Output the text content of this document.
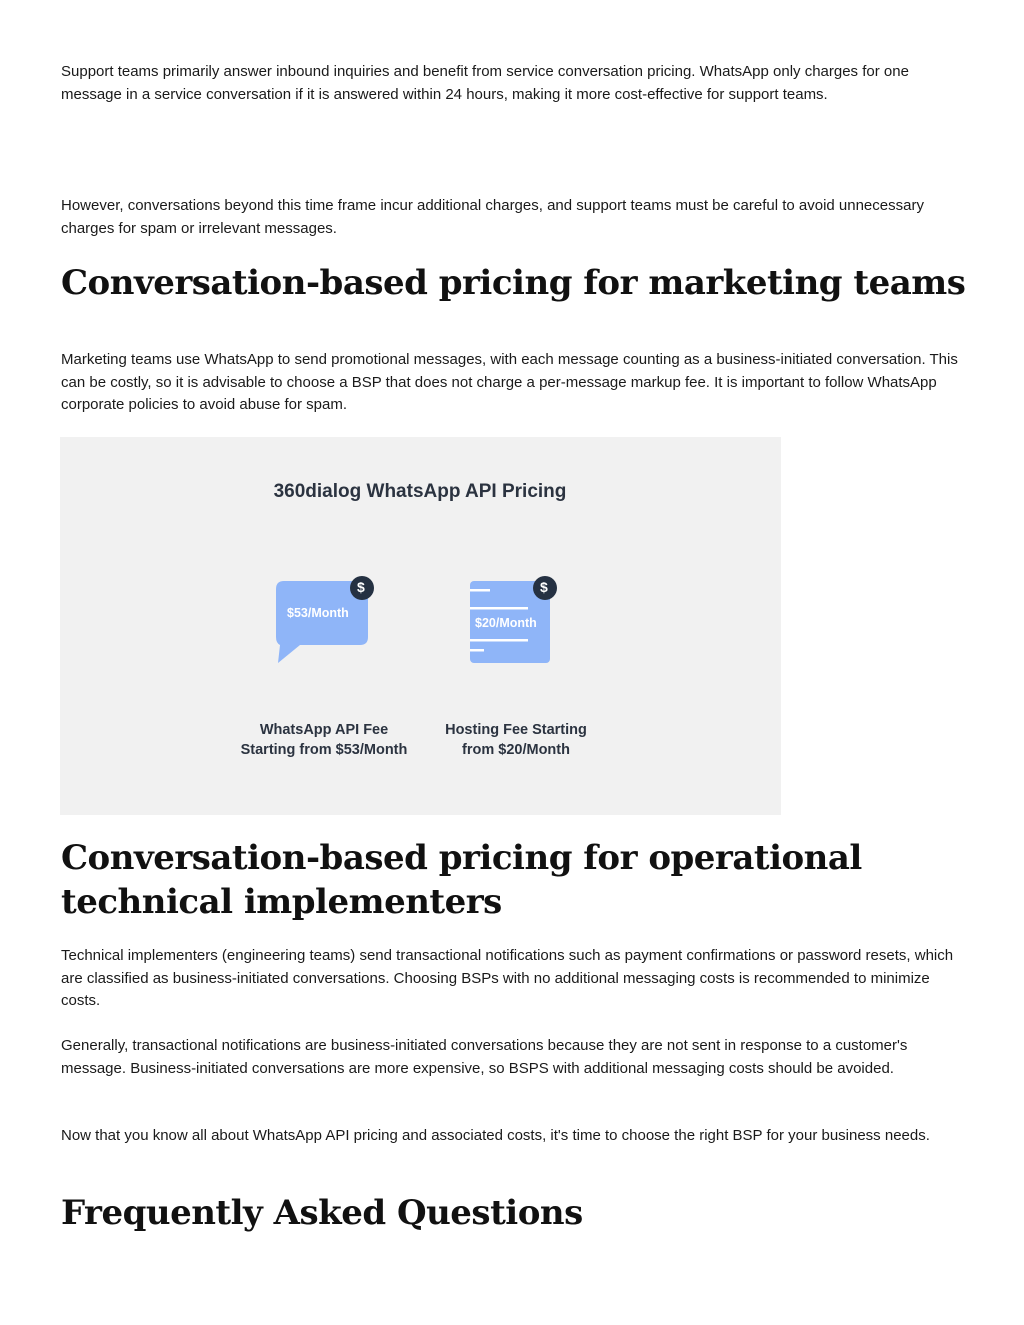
Support teams primarily answer inbound inquiries and benefit from service conversation pricing. WhatsApp only charges for one message in a service conversation if it is answered within 24 hours, making it more cost-effective for support teams.

However, conversations beyond this time frame incur additional charges, and support teams must be careful to avoid unnecessary charges for spam or irrelevant messages.

Conversation-based pricing for marketing teams

Marketing teams use WhatsApp to send promotional messages, with each message counting as a business-initiated conversation. This can be costly, so it is advisable to choose a BSP that does not charge a per-message markup fee. It is important to follow WhatsApp corporate policies to avoid abuse for spam.

360dialog WhatsApp API Pricing
$53/Month
$
$20/Month
$
WhatsApp API Fee
Starting from $53/Month
Hosting Fee Starting
from $20/Month
Conversation-based pricing for operational technical implementers

Technical implementers (engineering teams) send transactional notifications such as payment confirmations or password resets, which are classified as business-initiated conversations. Choosing BSPs with no additional messaging costs is recommended to minimize costs.

Generally, transactional notifications are business-initiated conversations because they are not sent in response to a customer's message. Business-initiated conversations are more expensive, so BSPS with additional messaging costs should be avoided.

Now that you know all about WhatsApp API pricing and associated costs, it's time to choose the right BSP for your business needs.

Frequently Asked Questions
